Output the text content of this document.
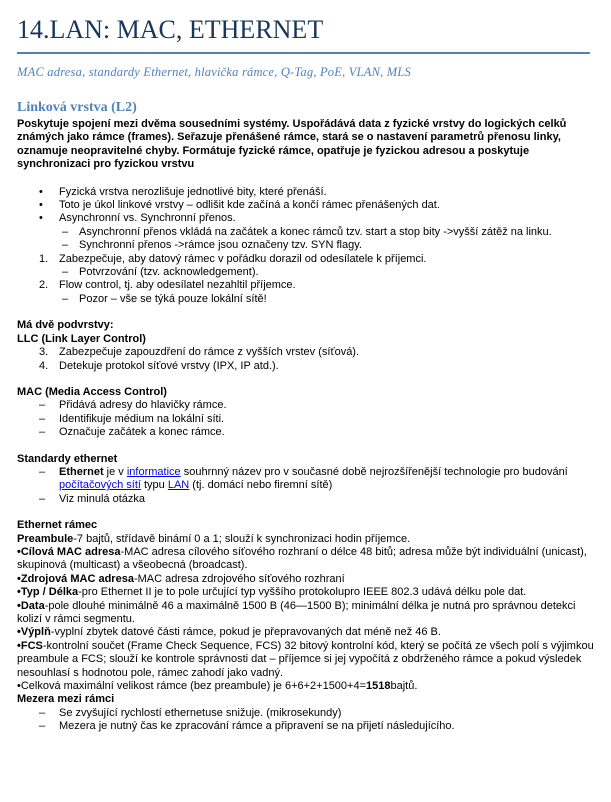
14.LAN: MAC, ETHERNET
MAC adresa, standardy Ethernet, hlavička rámce, Q-Tag, PoE, VLAN, MLS
Linková vrstva (L2)
Poskytuje spojení mezi dvěma sousedními systémy. Uspořádává data z fyzické vrstvy do logických celků známých jako rámce (frames). Seřazuje přenášené rámce, stará se o nastavení parametrů přenosu linky, oznamuje neopravitelné chyby. Formátuje fyzické rámce, opatřuje je fyzickou adresou a poskytuje synchronizaci pro fyzickou vrstvu
• Fyzická vrstva nerozlišuje jednotlivé bity, které přenáší.
• Toto je úkol linkové vrstvy – odlišit kde začíná a končí rámec přenášených dat.
• Asynchronní vs. Synchronní přenos.
– Asynchronní přenos vkládá na začátek a konec rámců tzv. start a stop bity ->vyšší zátěž na linku.
– Synchronní přenos ->rámce jsou označeny tzv. SYN flagy.
1. Zabezpečuje, aby datový rámec v pořádku dorazil od odesílatele k příjemci.
– Potvrzování (tzv. acknowledgement).
2. Flow control, tj. aby odesílatel nezahltil příjemce.
– Pozor – vše se týká pouze lokální sítě!
Má dvě podvrstvy:
LLC (Link Layer Control)
3. Zabezpečuje zapouzdření do rámce z vyšších vrstev (síťová).
4. Detekuje protokol síťové vrstvy (IPX, IP atd.).
MAC (Media Access Control)
– Přidává adresy do hlavičky rámce.
– Identifikuje médium na lokální síti.
– Označuje začátek a konec rámce.
Standardy ethernet
– Ethernet je v informatice souhrnný název pro v současné době nejrozšířenější technologie pro budování počítačových sítí typu LAN (tj. domácí nebo firemní sítě)
– Viz minulá otázka
Ethernet rámec
Preambule-7 bajtů, střídavě binámí 0 a 1; slouží k synchronizaci hodin příjemce.
•Cílová MAC adresa-MAC adresa cílového síťového rozhraní o délce 48 bitů; adresa může být individuální (unicast), skupinová (multicast) a všeobecná (broadcast).
•Zdrojová MAC adresa-MAC adresa zdrojového síťového rozhraní
•Typ / Délka-pro Ethernet II je to pole určující typ vyššího protokolupro IEEE 802.3 udává délku pole dat.
•Data-pole dlouhé minimálně 46 a maximálně 1500 B (46—1500 B); minimální délka je nutná pro správnou detekci kolizí v rámci segmentu.
•Výplň-vyplní zbytek datové části rámce, pokud je přepravovaných dat méně než 46 B.
•FCS-kontrolní součet (Frame Check Sequence, FCS) 32 bitový kontrolní kód, který se počítá ze všech polí s výjimkou preambule a FCS; slouží ke kontrole správnosti dat – příjemce si jej vypočítá z obdrženého rámce a pokud výsledek nesouhlasí s hodnotou pole, rámec zahodí jako vadný.
•Celková maximální velikost rámce (bez preambule) je 6+6+2+1500+4=1518bajtů.
Mezera mezi rámci
– Se zvyšující rychlostí ethernetuse snižuje. (mikrosekundy)
– Mezera je nutný čas ke zpracování rámce a připravení se na přijetí následujícího.
